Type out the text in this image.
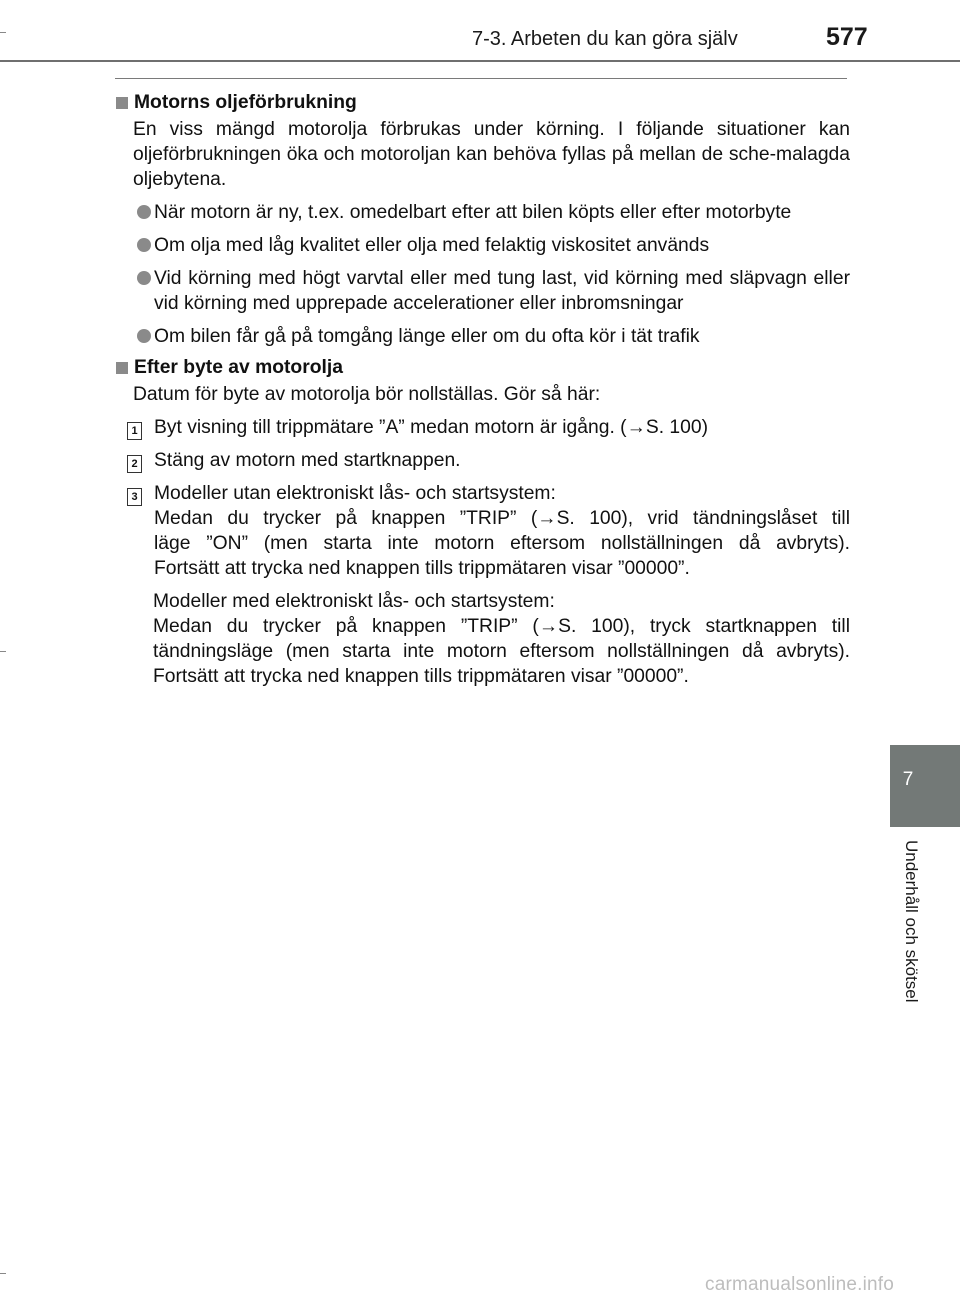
7-3. Arbeten du kan göra själv	577
7
Underhåll och skötsel
Motorns oljeförbrukning
En viss mängd motorolja förbrukas under körning. I följande situationer kan oljeförbrukningen öka och motoroljan kan behöva fyllas på mellan de sche-malagda oljebytena.
När motorn är ny, t.ex. omedelbart efter att bilen köpts eller efter motorbyte
Om olja med låg kvalitet eller olja med felaktig viskositet används
Vid körning med högt varvtal eller med tung last, vid körning med släpvagn eller vid körning med upprepade accelerationer eller inbromsningar
Om bilen får gå på tomgång länge eller om du ofta kör i tät trafik
Efter byte av motorolja
Datum för byte av motorolja bör nollställas. Gör så här:
1 Byt visning till trippmätare ”A” medan motorn är igång. (→S. 100)
2 Stäng av motorn med startknappen.
3 Modeller utan elektroniskt lås- och startsystem:
Medan du trycker på knappen ”TRIP” (→S. 100), vrid tändningslåset till
läge ”ON” (men starta inte motorn eftersom nollställningen då avbryts).
Fortsätt att trycka ned knappen tills trippmätaren visar ”00000”.
Modeller med elektroniskt lås- och startsystem:
Medan du trycker på knappen ”TRIP” (→S. 100), tryck startknappen till
tändningsläge (men starta inte motorn eftersom nollställningen då avbryts).
Fortsätt att trycka ned knappen tills trippmätaren visar ”00000”.
carmanualsonline.info
